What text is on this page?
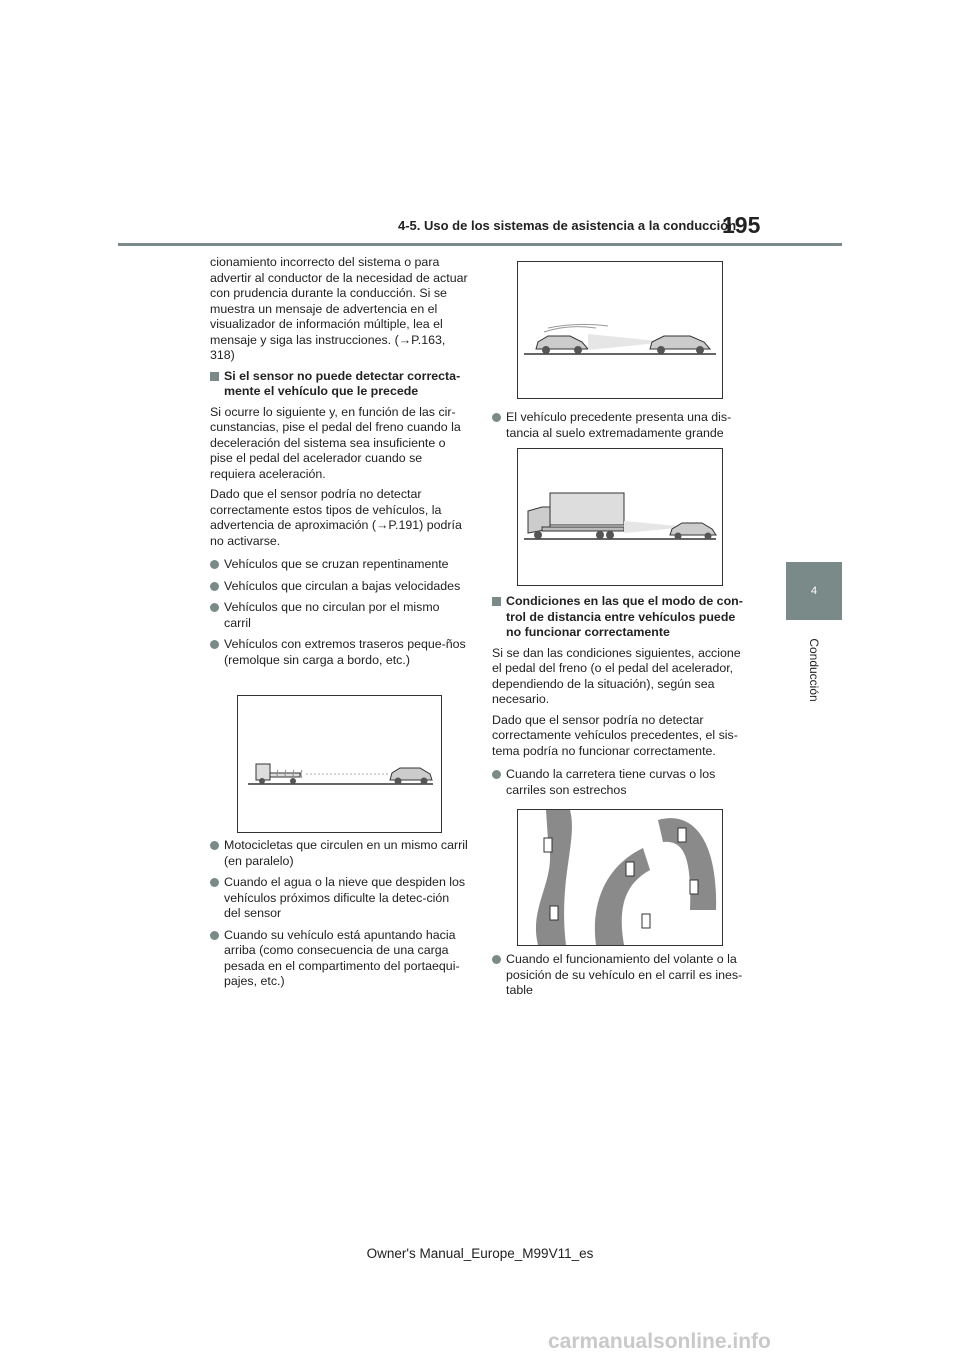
195
4-5. Uso de los sistemas de asistencia a la conducción
4
Conducción

cionamiento incorrecto del sistema o para advertir al conductor de la necesidad de actuar con prudencia durante la conducción. Si se muestra un mensaje de advertencia en el visualizador de información múltiple, lea el mensaje y siga las instrucciones. (→P.163, 318)

Si el sensor no puede detectar correcta-mente el vehículo que le precede

Si ocurre lo siguiente y, en función de las cir-cunstancias, pise el pedal del freno cuando la deceleración del sistema sea insuficiente o pise el pedal del acelerador cuando se requiera aceleración.

Dado que el sensor podría no detectar correctamente estos tipos de vehículos, la advertencia de aproximación (→P.191) podría no activarse.

Vehículos que se cruzan repentinamente
Vehículos que circulan a bajas velocidades
Vehículos que no circulan por el mismo carril
Vehículos con extremos traseros peque-ños (remolque sin carga a bordo, etc.)
Motocicletas que circulen en un mismo carril (en paralelo)
Cuando el agua o la nieve que despiden los vehículos próximos dificulte la detec-ción del sensor
Cuando su vehículo está apuntando hacia arriba (como consecuencia de una carga pesada en el compartimento del portaequi-pajes, etc.)
El vehículo precedente presenta una dis-tancia al suelo extremadamente grande
Condiciones en las que el modo de con-trol de distancia entre vehículos puede no funcionar correctamente

Si se dan las condiciones siguientes, accione el pedal del freno (o el pedal del acelerador, dependiendo de la situación), según sea necesario.

Dado que el sensor podría no detectar correctamente vehículos precedentes, el sis-tema podría no funcionar correctamente.

Cuando la carretera tiene curvas o los carriles son estrechos
Cuando el funcionamiento del volante o la posición de su vehículo en el carril es ines-table
Owner's Manual_Europe_M99V11_es
carmanualsonline.info
